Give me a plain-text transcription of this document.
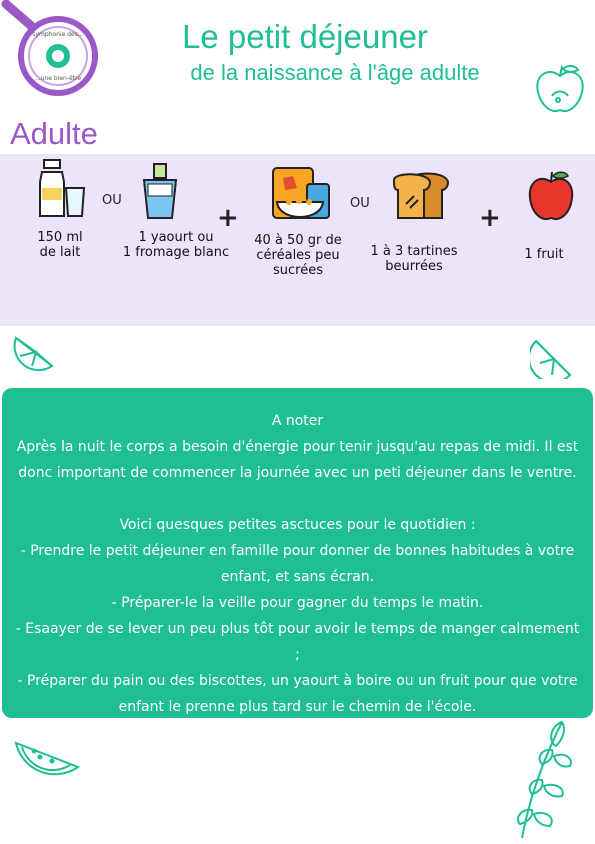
symphonie des...
...une bien-être
Le petit déjeuner
de la naissance à l'âge adulte
Adulte
OU
+	OU	+
150 ml
de lait
1 yaourt ou
1 fromage blanc
40 à 50 gr de
céréales peu
sucrées
1 à 3 tartines
beurrées
1 fruit

A noter

Après la nuit le corps a besoin d'énergie pour tenir jusqu'au repas de midi. Il est donc important de commencer la journée avec un peti déjeuner dans le ventre.

Voici quesques petites asctuces pour le quotidien :

- Prendre le petit déjeuner en famille pour donner de bonnes habitudes à votre enfant, et sans écran.

- Préparer-le la veille pour gagner du temps le matin.

- Esaayer de se lever un peu plus tôt pour avoir le temps de manger calmement ;

- Préparer du pain ou des biscottes, un yaourt à boire ou un fruit pour que votre enfant le prenne plus tard sur le chemin de l'école.
